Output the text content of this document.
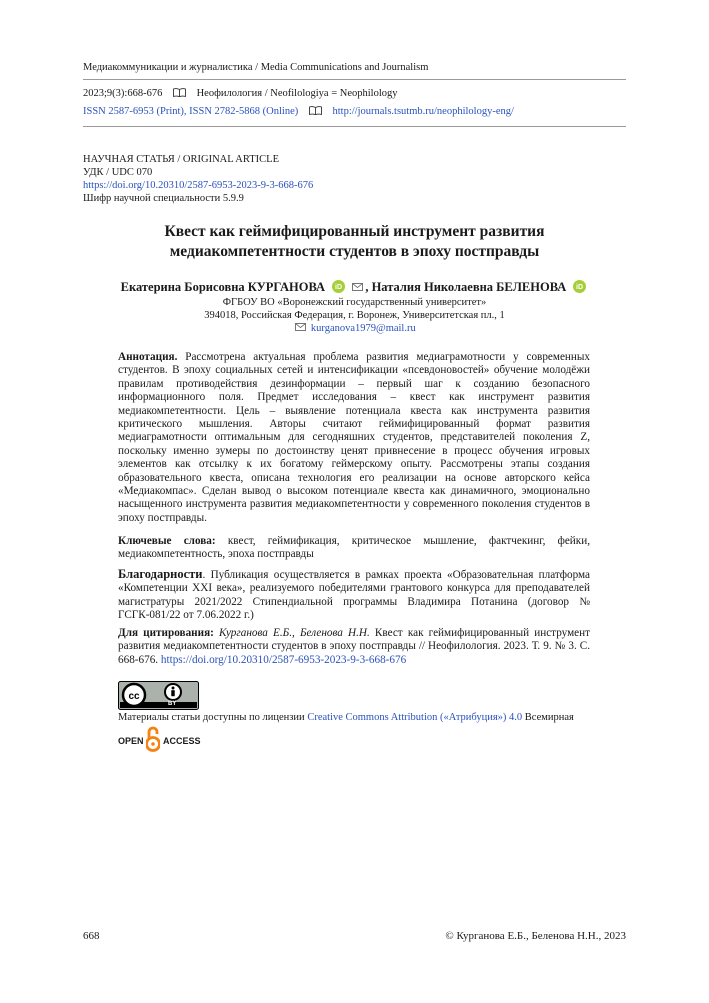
Медиакоммуникации и журналистика / Media Communications and Journalism
2023;9(3):668-676	Неофилология / Neofilologiya = Neophilology
ISSN 2587-6953 (Print), ISSN 2782-5868 (Online)	http://journals.tsutmb.ru/neophilology-eng/
НАУЧНАЯ СТАТЬЯ / ORIGINAL ARTICLE
УДК / UDC 070
https://doi.org/10.20310/2587-6953-2023-9-3-668-676
Шифр научной специальности 5.9.9
Квест как геймифицированный инструмент развития
медиакомпетентности студентов в эпоху постправды
Екатерина Борисовна КУРГАНОВА iD , Наталия Николаевна БЕЛЕНОВА iD
ФГБОУ ВО «Воронежский государственный университет»
394018, Российская Федерация, г. Воронеж, Университетская пл., 1
kurganova1979@mail.ru
Аннотация. Рассмотрена актуальная проблема развития медиаграмотности у современных студентов. В эпоху социальных сетей и интенсификации «псевдоновостей» обучение молодёжи правилам противодействия дезинформации – первый шаг к созданию безопасного информационного поля. Предмет исследования – квест как инструмент развития медиакомпетентности. Цель – выявление потенциала квеста как инструмента развития критического мышления. Авторы считают геймифицированный формат развития медиаграмотности оптимальным для сегодняшних студентов, представителей поколения Z, поскольку именно зумеры по достоинству ценят привнесение в процесс обучения игровых элементов как отсылку к их богатому геймерскому опыту. Рассмотрены этапы создания образовательного квеста, описана технология его реализации на основе авторского кейса «Медиакомпас». Сделан вывод о высоком потенциале квеста как динамичного, эмоционально насыщенного инструмента развития медиакомпетентности у современного поколения студентов в эпоху постправды.
Ключевые слова: квест, геймификация, критическое мышление, фактчекинг, фейки, медиакомпетентность, эпоха постправды
Благодарности. Публикация осуществляется в рамках проекта «Образовательная платформа «Компетенции XXI века», реализуемого победителями грантового конкурса для преподавателей магистратуры 2021/2022 Стипендиальной программы Владимира Потанина (договор № ГСГК-081/22 от 7.06.2022 г.)
Для цитирования: Курганова Е.Б., Беленова Н.Н. Квест как геймифицированный инструмент развития медиакомпетентности студентов в эпоху постправды // Неофилология. 2023. Т. 9. № 3. С. 668-676. https://doi.org/10.20310/2587-6953-2023-9-3-668-676
cc
BY
Материалы статьи доступны по лицензии Creative Commons Attribution («Атрибуция») 4.0 Всемирная
OPEN ACCESS
668	© Курганова Е.Б., Беленова Н.Н., 2023
